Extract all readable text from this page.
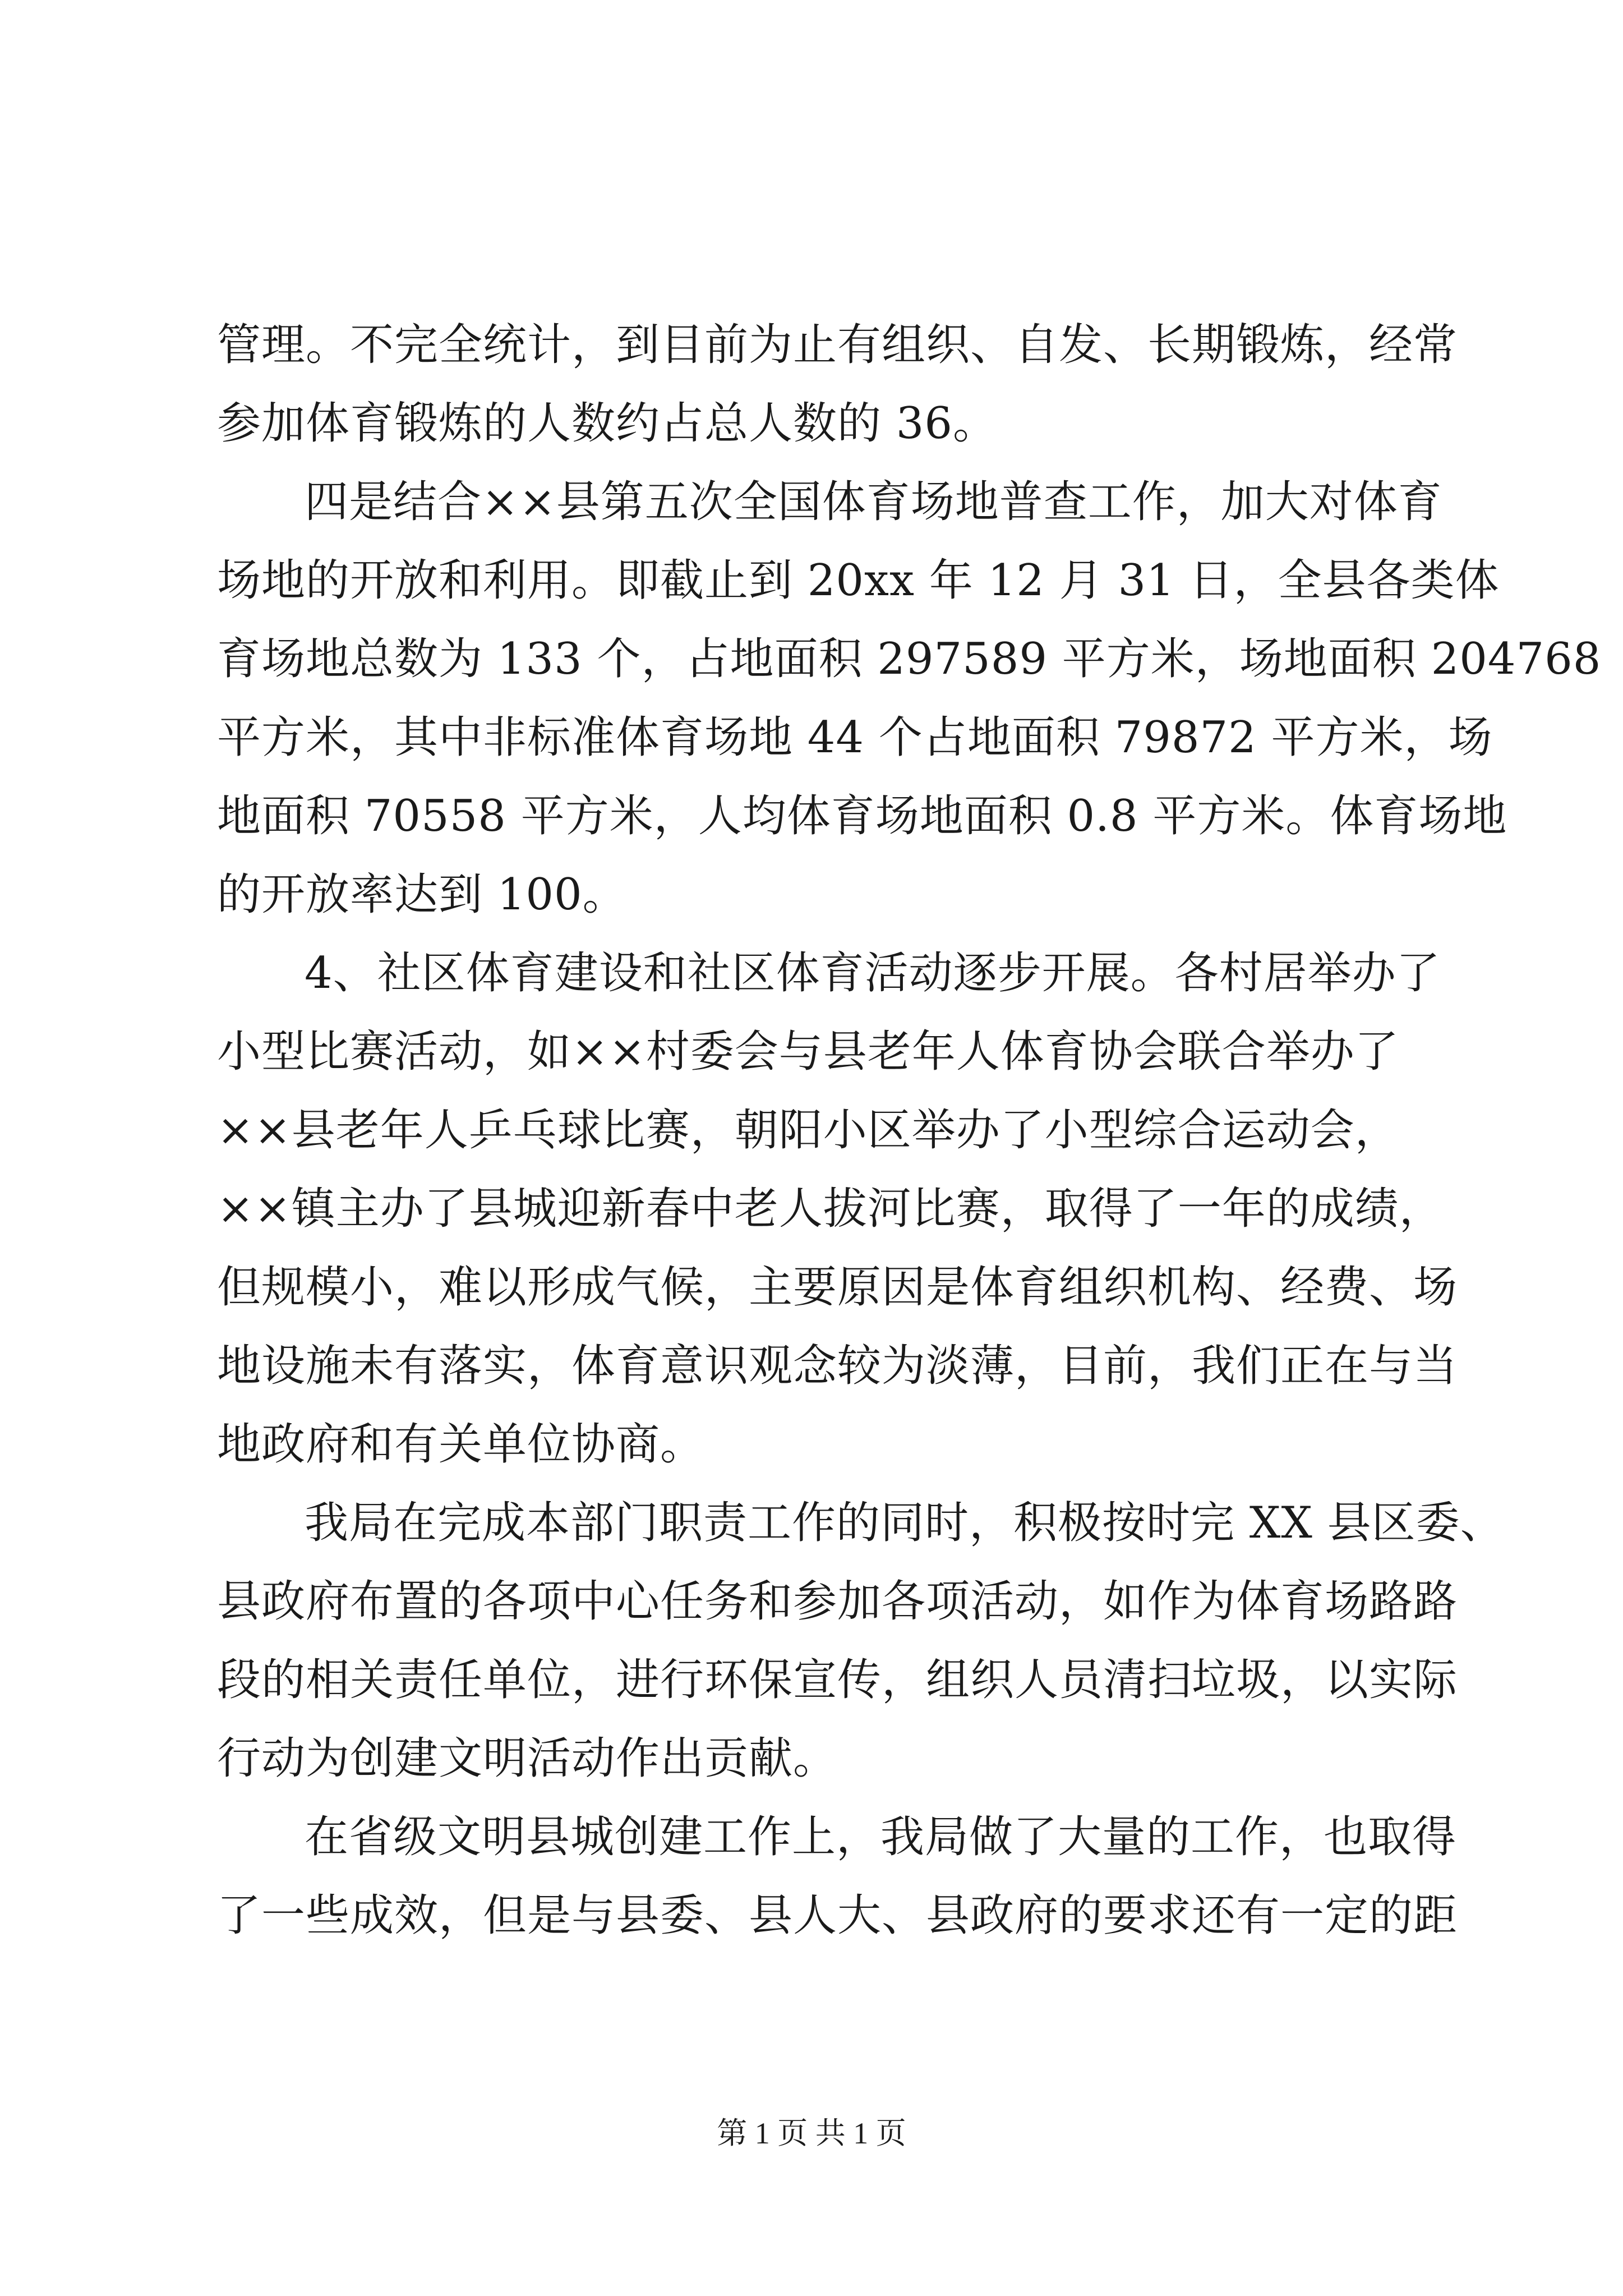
管理。不完全统计，到目前为止有组织、自发、长期锻炼，经常
参加体育锻炼的人数约占总人数的 36。
四是结合××县第五次全国体育场地普查工作，加大对体育
场地的开放和利用。即截止到 20xx 年 12 月 31 日，全县各类体
育场地总数为 133 个，占地面积 297589 平方米，场地面积 204768
平方米，其中非标准体育场地 44 个占地面积 79872 平方米，场
地面积 70558 平方米，人均体育场地面积 0.8 平方米。体育场地
的开放率达到 100。
4、社区体育建设和社区体育活动逐步开展。各村居举办了
小型比赛活动，如××村委会与县老年人体育协会联合举办了
××县老年人乒乓球比赛，朝阳小区举办了小型综合运动会，
××镇主办了县城迎新春中老人拔河比赛，取得了一年的成绩，
但规模小，难以形成气候，主要原因是体育组织机构、经费、场
地设施未有落实，体育意识观念较为淡薄，目前，我们正在与当
地政府和有关单位协商。
我局在完成本部门职责工作的同时，积极按时完 XX 县区委、
县政府布置的各项中心任务和参加各项活动，如作为体育场路路
段的相关责任单位，进行环保宣传，组织人员清扫垃圾，以实际
行动为创建文明活动作出贡献。
在省级文明县城创建工作上，我局做了大量的工作，也取得
了一些成效，但是与县委、县人大、县政府的要求还有一定的距
第 1 页 共 1 页
